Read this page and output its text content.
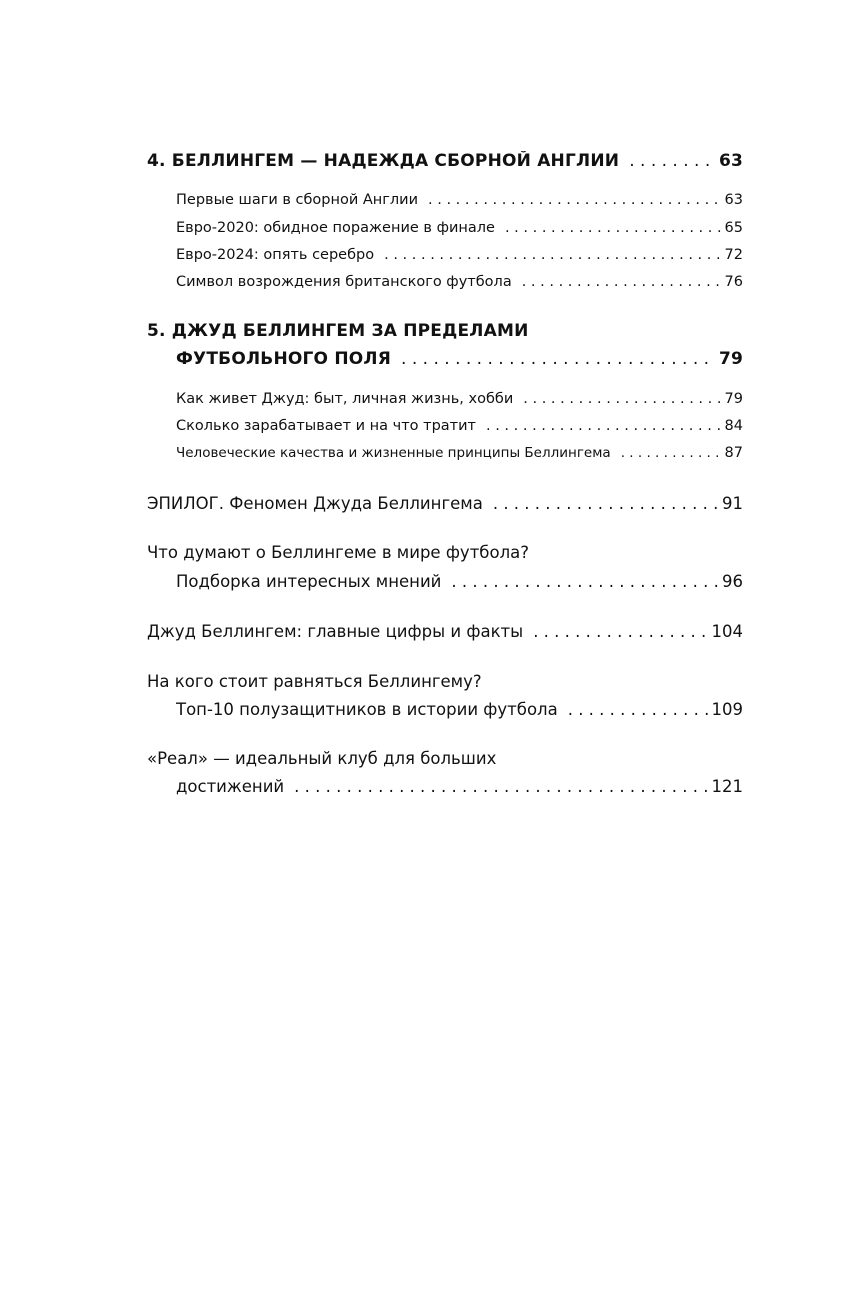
4. БЕЛЛИНГЕМ — НАДЕЖДА СБОРНОЙ АНГЛИИ . . .	63
Первые шаги в сборной Англии . . .	63
Евро-2020: обидное поражение в финале . . .	65
Евро-2024: опять серебро . . .	72
Символ возрождения британского футбола . . .	76
5. ДЖУД БЕЛЛИНГЕМ ЗА ПРЕДЕЛАМИ
ФУТБОЛЬНОГО ПОЛЯ . . .	79
Как живет Джуд: быт, личная жизнь, хобби . . .	79
Сколько зарабатывает и на что тратит . . .	84
Человеческие качества и жизненные принципы Беллингема . . .	87
ЭПИЛОГ. Феномен Джуда Беллингема . . .	91
Что думают о Беллингеме в мире футбола?
Подборка интересных мнений . . .	96
Джуд Беллингем: главные цифры и факты . . .	104
На кого стоит равняться Беллингему?
Топ-10 полузащитников в истории футбола . . .	109
«Реал» — идеальный клуб для больших
достижений . . .	121
